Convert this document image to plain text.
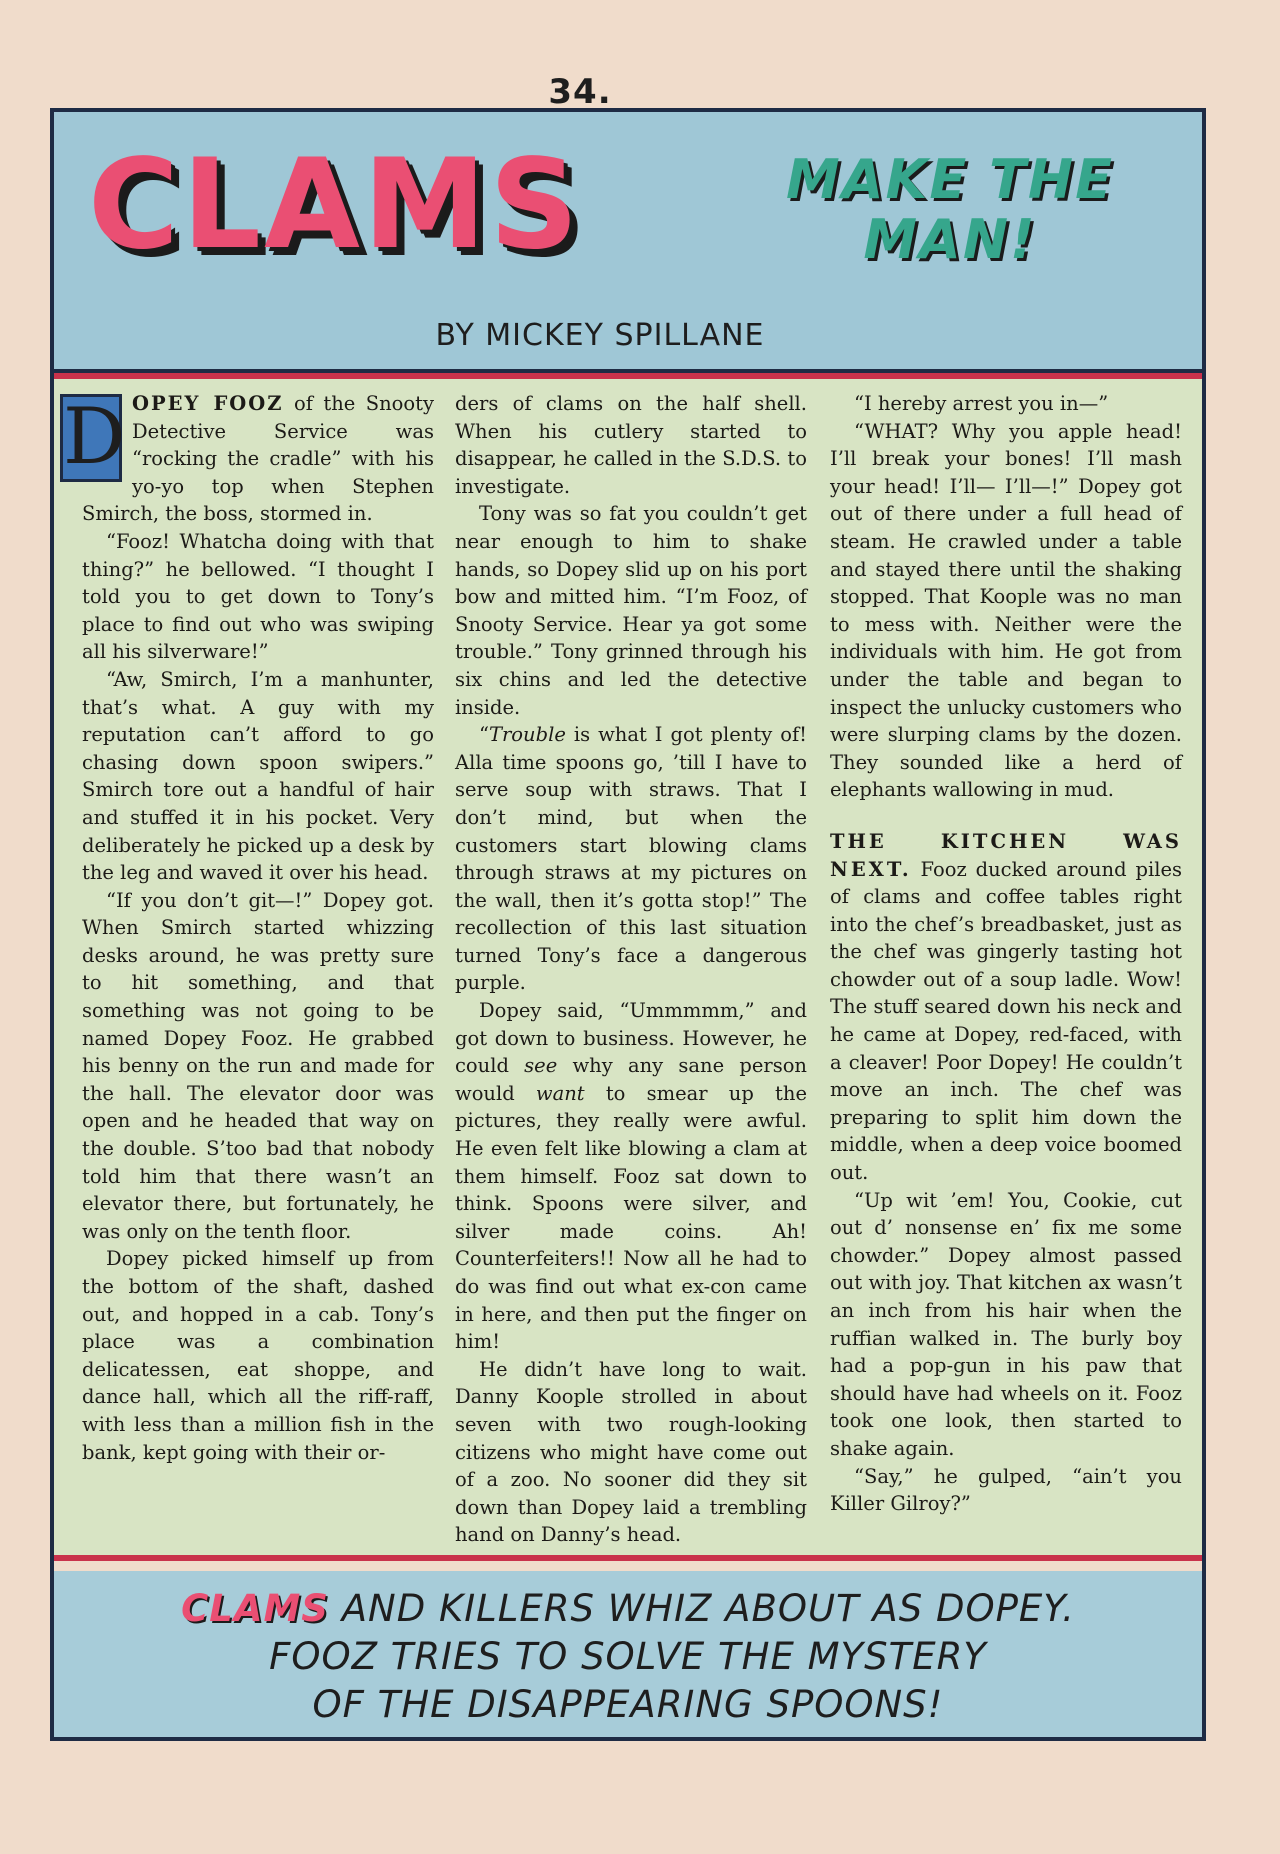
34.
CLAMS	MAKE THE
MAN!
BY MICKEY SPILLANE

D OPEY FOOZ of the Snooty Detective Service was “rocking the cradle” with his yo-yo top when Stephen Smirch, the boss, stormed in.

“Fooz! Whatcha doing with that thing?” he bellowed. “I thought I told you to get down to Tony’s place to find out who was swiping all his silverware!”

“Aw, Smirch, I’m a manhunter, that’s what. A guy with my reputation can’t afford to go chasing down spoon swipers.” Smirch tore out a handful of hair and stuffed it in his pocket. Very deliberately he picked up a desk by the leg and waved it over his head.

“If you don’t git—!” Dopey got. When Smirch started whizzing desks around, he was pretty sure to hit something, and that something was not going to be named Dopey Fooz. He grabbed his benny on the run and made for the hall. The elevator door was open and he headed that way on the double. S’too bad that nobody told him that there wasn’t an elevator there, but fortunately, he was only on the tenth floor.

Dopey picked himself up from the bottom of the shaft, dashed out, and hopped in a cab. Tony’s place was a combination delicatessen, eat shoppe, and dance hall, which all the riff-raff, with less than a million fish in the bank, kept going with their or-

ders of clams on the half shell. When his cutlery started to disappear, he called in the S.D.S. to investigate.

Tony was so fat you couldn’t get near enough to him to shake hands, so Dopey slid up on his port bow and mitted him. “I’m Fooz, of Snooty Service. Hear ya got some trouble.” Tony grinned through his six chins and led the detective inside.

“Trouble is what I got plenty of! Alla time spoons go, ’till I have to serve soup with straws. That I don’t mind, but when the customers start blowing clams through straws at my pictures on the wall, then it’s gotta stop!” The recollection of this last situation turned Tony’s face a dangerous purple.

Dopey said, “Ummmmm,” and got down to business. However, he could see why any sane person would want to smear up the pictures, they really were awful. He even felt like blowing a clam at them himself. Fooz sat down to think. Spoons were silver, and silver made coins. Ah! Counterfeiters!! Now all he had to do was find out what ex-con came in here, and then put the finger on him!

He didn’t have long to wait. Danny Koople strolled in about seven with two rough-looking citizens who might have come out of a zoo. No sooner did they sit down than Dopey laid a trembling hand on Danny’s head.

“I hereby arrest you in—”

“WHAT? Why you apple head! I’ll break your bones! I’ll mash your head! I’ll— I’ll—!” Dopey got out of there under a full head of steam. He crawled under a table and stayed there until the shaking stopped. That Koople was no man to mess with. Neither were the individuals with him. He got from under the table and began to inspect the unlucky customers who were slurping clams by the dozen. They sounded like a herd of elephants wallowing in mud.

THE KITCHEN WAS NEXT. Fooz ducked around piles of clams and coffee tables right into the chef’s breadbasket, just as the chef was gingerly tasting hot chowder out of a soup ladle. Wow! The stuff seared down his neck and he came at Dopey, red-faced, with a cleaver! Poor Dopey! He couldn’t move an inch. The chef was preparing to split him down the middle, when a deep voice boomed out.

“Up wit ’em! You, Cookie, cut out d’ nonsense en’ fix me some chowder.” Dopey almost passed out with joy. That kitchen ax wasn’t an inch from his hair when the ruffian walked in. The burly boy had a pop-gun in his paw that should have had wheels on it. Fooz took one look, then started to shake again.

“Say,” he gulped, “ain’t you Killer Gilroy?”

CLAMS AND KILLERS WHIZ ABOUT AS DOPEY.
FOOZ TRIES TO SOLVE THE MYSTERY
OF THE DISAPPEARING SPOONS!
